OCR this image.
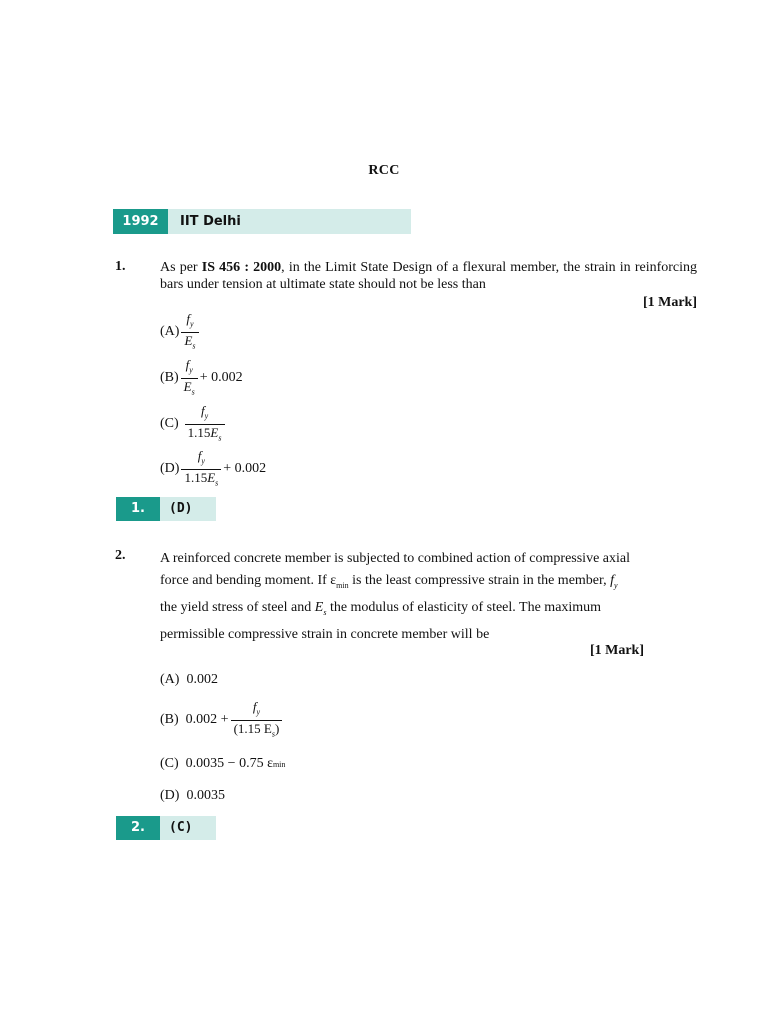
RCC
1992	IIT Delhi
1. As per IS 456 : 2000, in the Limit State Design of a flexural member, the strain in reinforcing bars under tension at ultimate state should not be less than
[1 Mark]
$(A) \frac{f_y}{E_s}$
$(B) \frac{f_y}{E_s} + 0.002$
$(C) \frac{f_y}{1.15E_s}$
$(D) \frac{f_y}{1.15E_s} + 0.002$
1.	(D)
2. A reinforced concrete member is subjected to combined action of compressive axial
force and bending moment. If $\varepsilon_{min}$ is the least compressive strain in the member, $f_y$
the yield stress of steel and $E_s$ the modulus of elasticity of steel. The maximum
permissible compressive strain in concrete member will be
[1 Mark]
(A)
0.002
(B)
$0.002 + \frac{f_y}{(1.15 E_s)}$
(C)
0.0035 − 0.75 ε min
(D)
0.0035
2.	(C)
